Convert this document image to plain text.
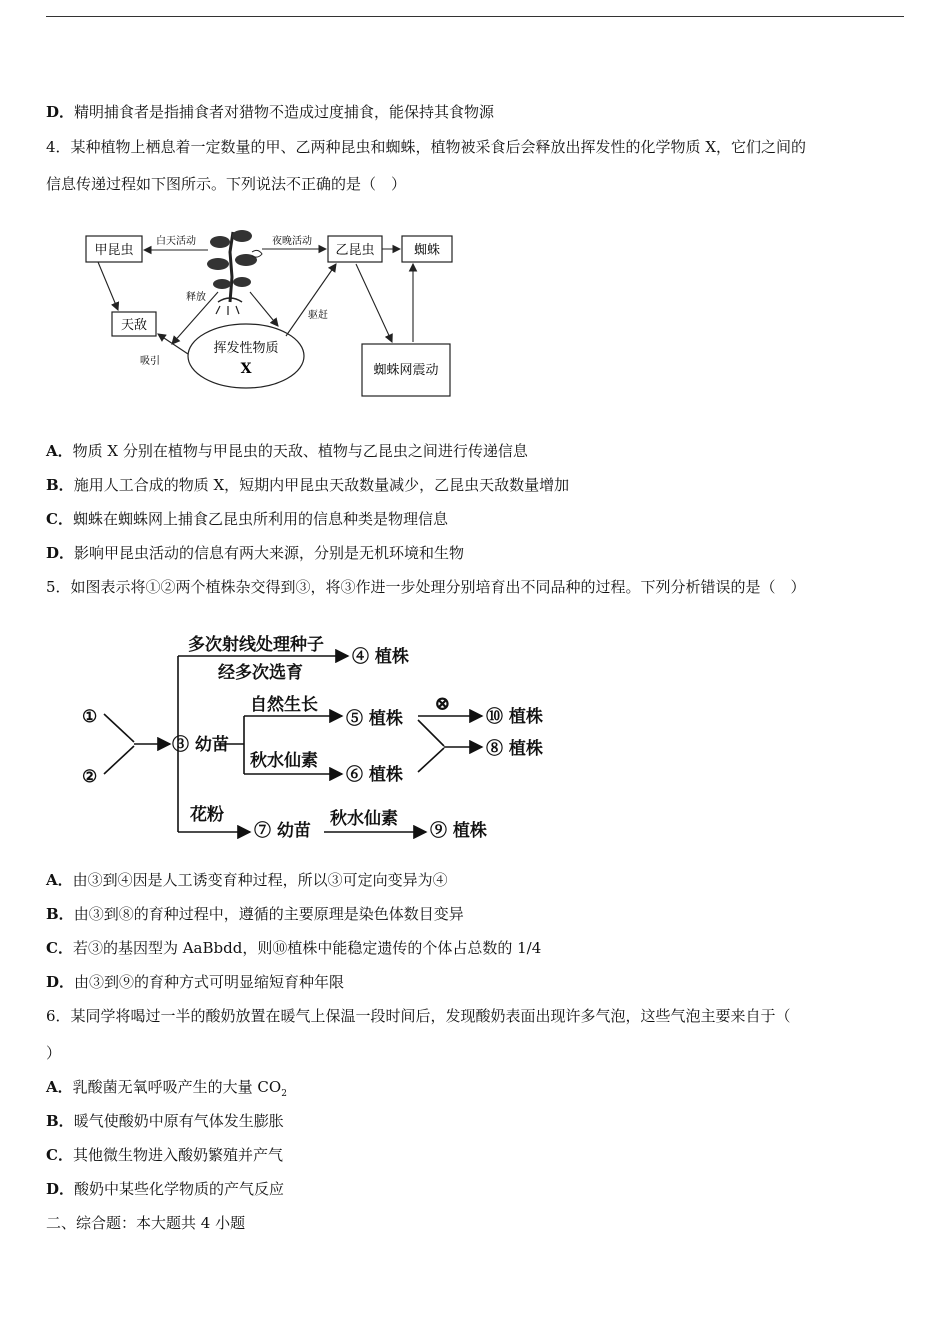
D．精明捕食者是指捕食者对猎物不造成过度捕食，能保持其食物源
4．某种植物上栖息着一定数量的甲、乙两种昆虫和蜘蛛，植物被采食后会释放出挥发性的化学物质 X，它们之间的
信息传递过程如下图所示。下列说法不正确的是（　）
甲昆虫	乙昆虫	蜘蛛
天敌
蜘蛛网震动
挥发性物质
X
白天活动	夜晚活动
吸引
释放
驱赶
A．物质 X 分别在植物与甲昆虫的天敌、植物与乙昆虫之间进行传递信息
B．施用人工合成的物质 X，短期内甲昆虫天敌数量减少，乙昆虫天敌数量增加
C．蜘蛛在蜘蛛网上捕食乙昆虫所利用的信息种类是物理信息
D．影响甲昆虫活动的信息有两大来源，分别是无机环境和生物
5．如图表示将①②两个植株杂交得到③，将③作进一步处理分别培育出不同品种的过程。下列分析错误的是（　）
①
②
③ 幼苗
多次射线处理种子
经多次选育
④ 植株
自然生长
⑤ 植株
秋水仙素
⑥ 植株
⊗
⑩ 植株
⑧ 植株
花粉
⑦ 幼苗
秋水仙素
⑨ 植株
A．由③到④因是人工诱变育种过程，所以③可定向变异为④
B．由③到⑧的育种过程中，遵循的主要原理是染色体数目变异
C．若③的基因型为 AaBbdd，则⑩植株中能稳定遗传的个体占总数的 1/4
D．由③到⑨的育种方式可明显缩短育种年限
6．某同学将喝过一半的酸奶放置在暖气上保温一段时间后，发现酸奶表面出现许多气泡，这些气泡主要来自于（
）
A．乳酸菌无氧呼吸产生的大量 $CO_2$
B．暖气使酸奶中原有气体发生膨胀
C．其他微生物进入酸奶繁殖并产气
D．酸奶中某些化学物质的产气反应
二、综合题：本大题共 4 小题
